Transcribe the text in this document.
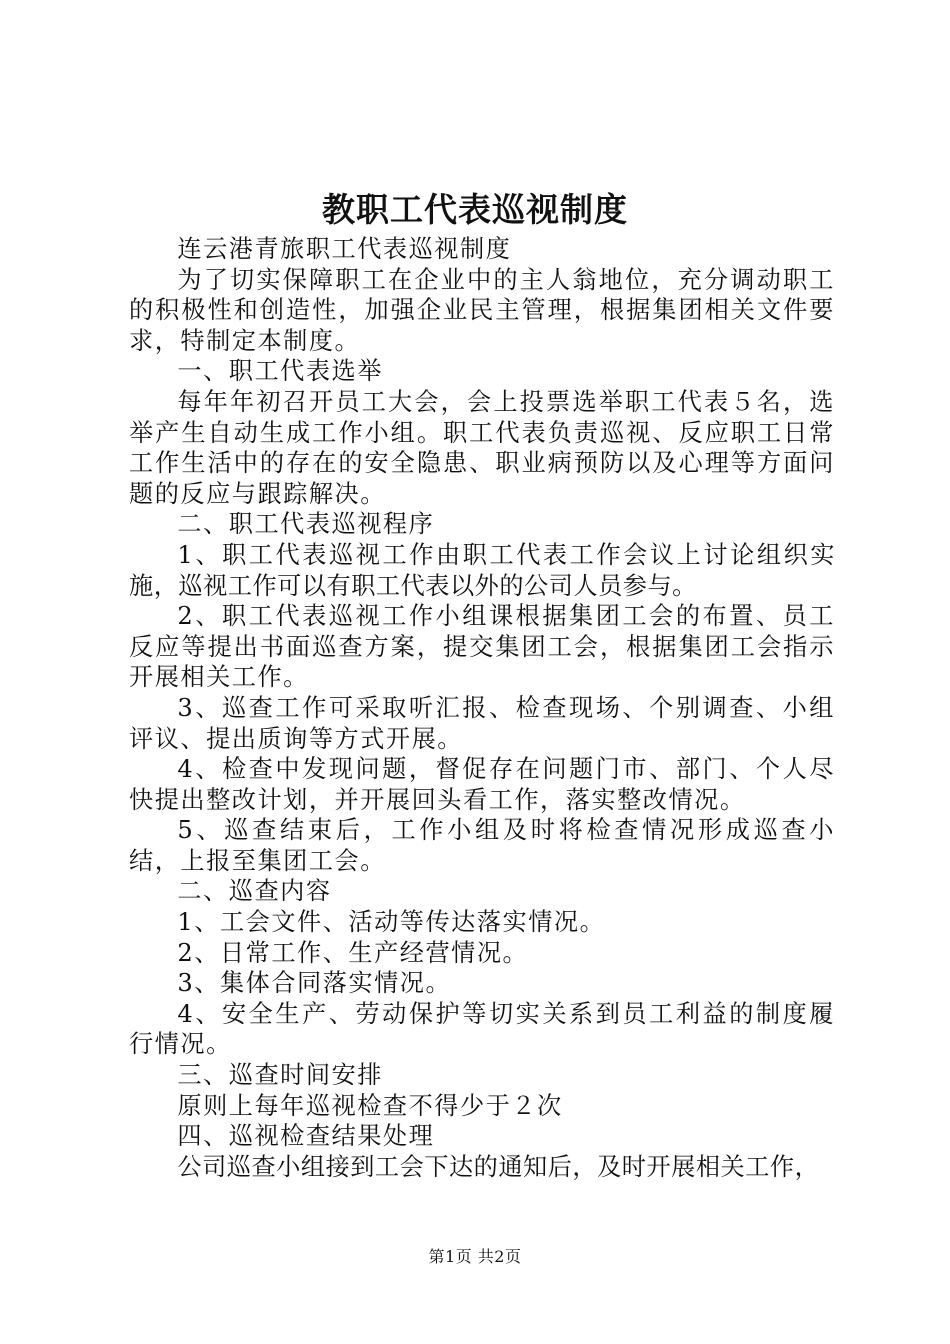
教职工代表巡视制度

连云港青旅职工代表巡视制度

为了切实保障职工在企业中的主人翁地位，充分调动职工的积极性和创造性，加强企业民主管理，根据集团相关文件要求，特制定本制度。

一、职工代表选举

每年年初召开员工大会，会上投票选举职工代表５名，选举产生自动生成工作小组。职工代表负责巡视、反应职工日常工作生活中的存在的安全隐患、职业病预防以及心理等方面问题的反应与跟踪解决。

二、职工代表巡视程序

1、职工代表巡视工作由职工代表工作会议上讨论组织实施，巡视工作可以有职工代表以外的公司人员参与。

2、职工代表巡视工作小组课根据集团工会的布置、员工反应等提出书面巡查方案，提交集团工会，根据集团工会指示开展相关工作。

3、巡查工作可采取听汇报、检查现场、个别调查、小组评议、提出质询等方式开展。

4、检查中发现问题，督促存在问题门市、部门、个人尽快提出整改计划，并开展回头看工作，落实整改情况。

5、巡查结束后，工作小组及时将检查情况形成巡查小结，上报至集团工会。

二、巡查内容

1、工会文件、活动等传达落实情况。

2、日常工作、生产经营情况。

3、集体合同落实情况。

4、安全生产、劳动保护等切实关系到员工利益的制度履行情况。

三、巡查时间安排

原则上每年巡视检查不得少于２次

四、巡视检查结果处理

公司巡查小组接到工会下达的通知后，及时开展相关工作，

第1页 共2页
